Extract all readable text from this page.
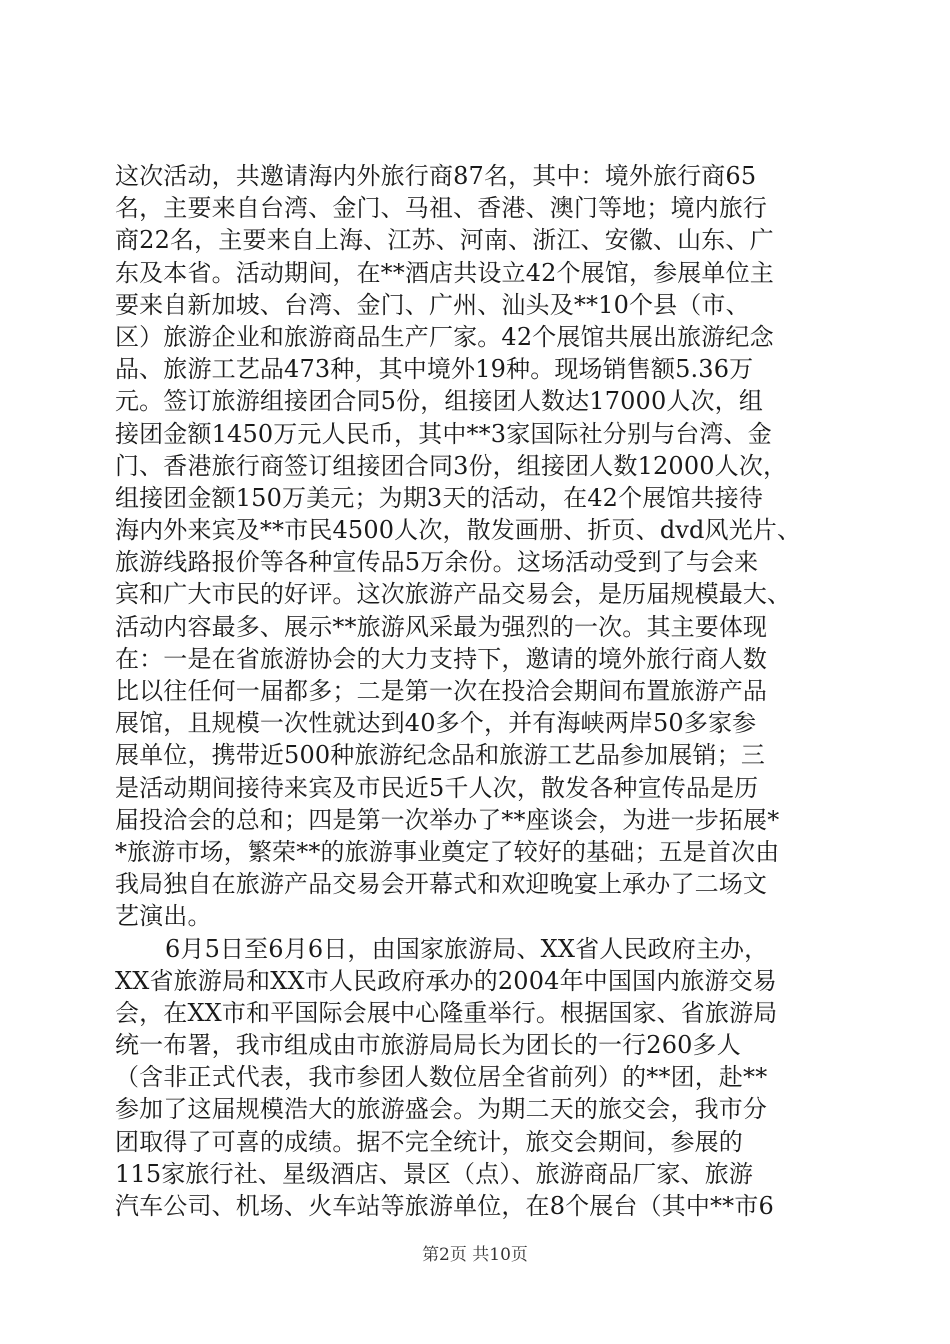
这次活动，共邀请海内外旅行商87名，其中：境外旅行商65
名，主要来自台湾、金门、马祖、香港、澳门等地；境内旅行
商22名，主要来自上海、江苏、河南、浙江、安徽、山东、广
东及本省。活动期间，在**酒店共设立42个展馆，参展单位主
要来自新加坡、台湾、金门、广州、汕头及**10个县（市、
区）旅游企业和旅游商品生产厂家。42个展馆共展出旅游纪念
品、旅游工艺品473种，其中境外19种。现场销售额5.36万
元。签订旅游组接团合同5份，组接团人数达17000人次，组
接团金额1450万元人民币，其中**3家国际社分别与台湾、金
门、香港旅行商签订组接团合同3份，组接团人数12000人次，
组接团金额150万美元；为期3天的活动，在42个展馆共接待
海内外来宾及**市民4500人次，散发画册、折页、dvd风光片、
旅游线路报价等各种宣传品5万余份。这场活动受到了与会来
宾和广大市民的好评。这次旅游产品交易会，是历届规模最大、
活动内容最多、展示**旅游风采最为强烈的一次。其主要体现
在：一是在省旅游协会的大力支持下，邀请的境外旅行商人数
比以往任何一届都多；二是第一次在投洽会期间布置旅游产品
展馆，且规模一次性就达到40多个，并有海峡两岸50多家参
展单位，携带近500种旅游纪念品和旅游工艺品参加展销；三
是活动期间接待来宾及市民近5千人次，散发各种宣传品是历
届投洽会的总和；四是第一次举办了**座谈会，为进一步拓展*
*旅游市场，繁荣**的旅游事业奠定了较好的基础；五是首次由
我局独自在旅游产品交易会开幕式和欢迎晚宴上承办了二场文
艺演出。
6月5日至6月6日，由国家旅游局、XX省人民政府主办，
XX省旅游局和XX市人民政府承办的2004年中国国内旅游交易
会，在XX市和平国际会展中心隆重举行。根据国家、省旅游局
统一布署，我市组成由市旅游局局长为团长的一行260多人
（含非正式代表，我市参团人数位居全省前列）的**团，赴**
参加了这届规模浩大的旅游盛会。为期二天的旅交会，我市分
团取得了可喜的成绩。据不完全统计，旅交会期间，参展的
115家旅行社、星级酒店、景区（点）、旅游商品厂家、旅游
汽车公司、机场、火车站等旅游单位，在8个展台（其中**市6
第2页 共10页
